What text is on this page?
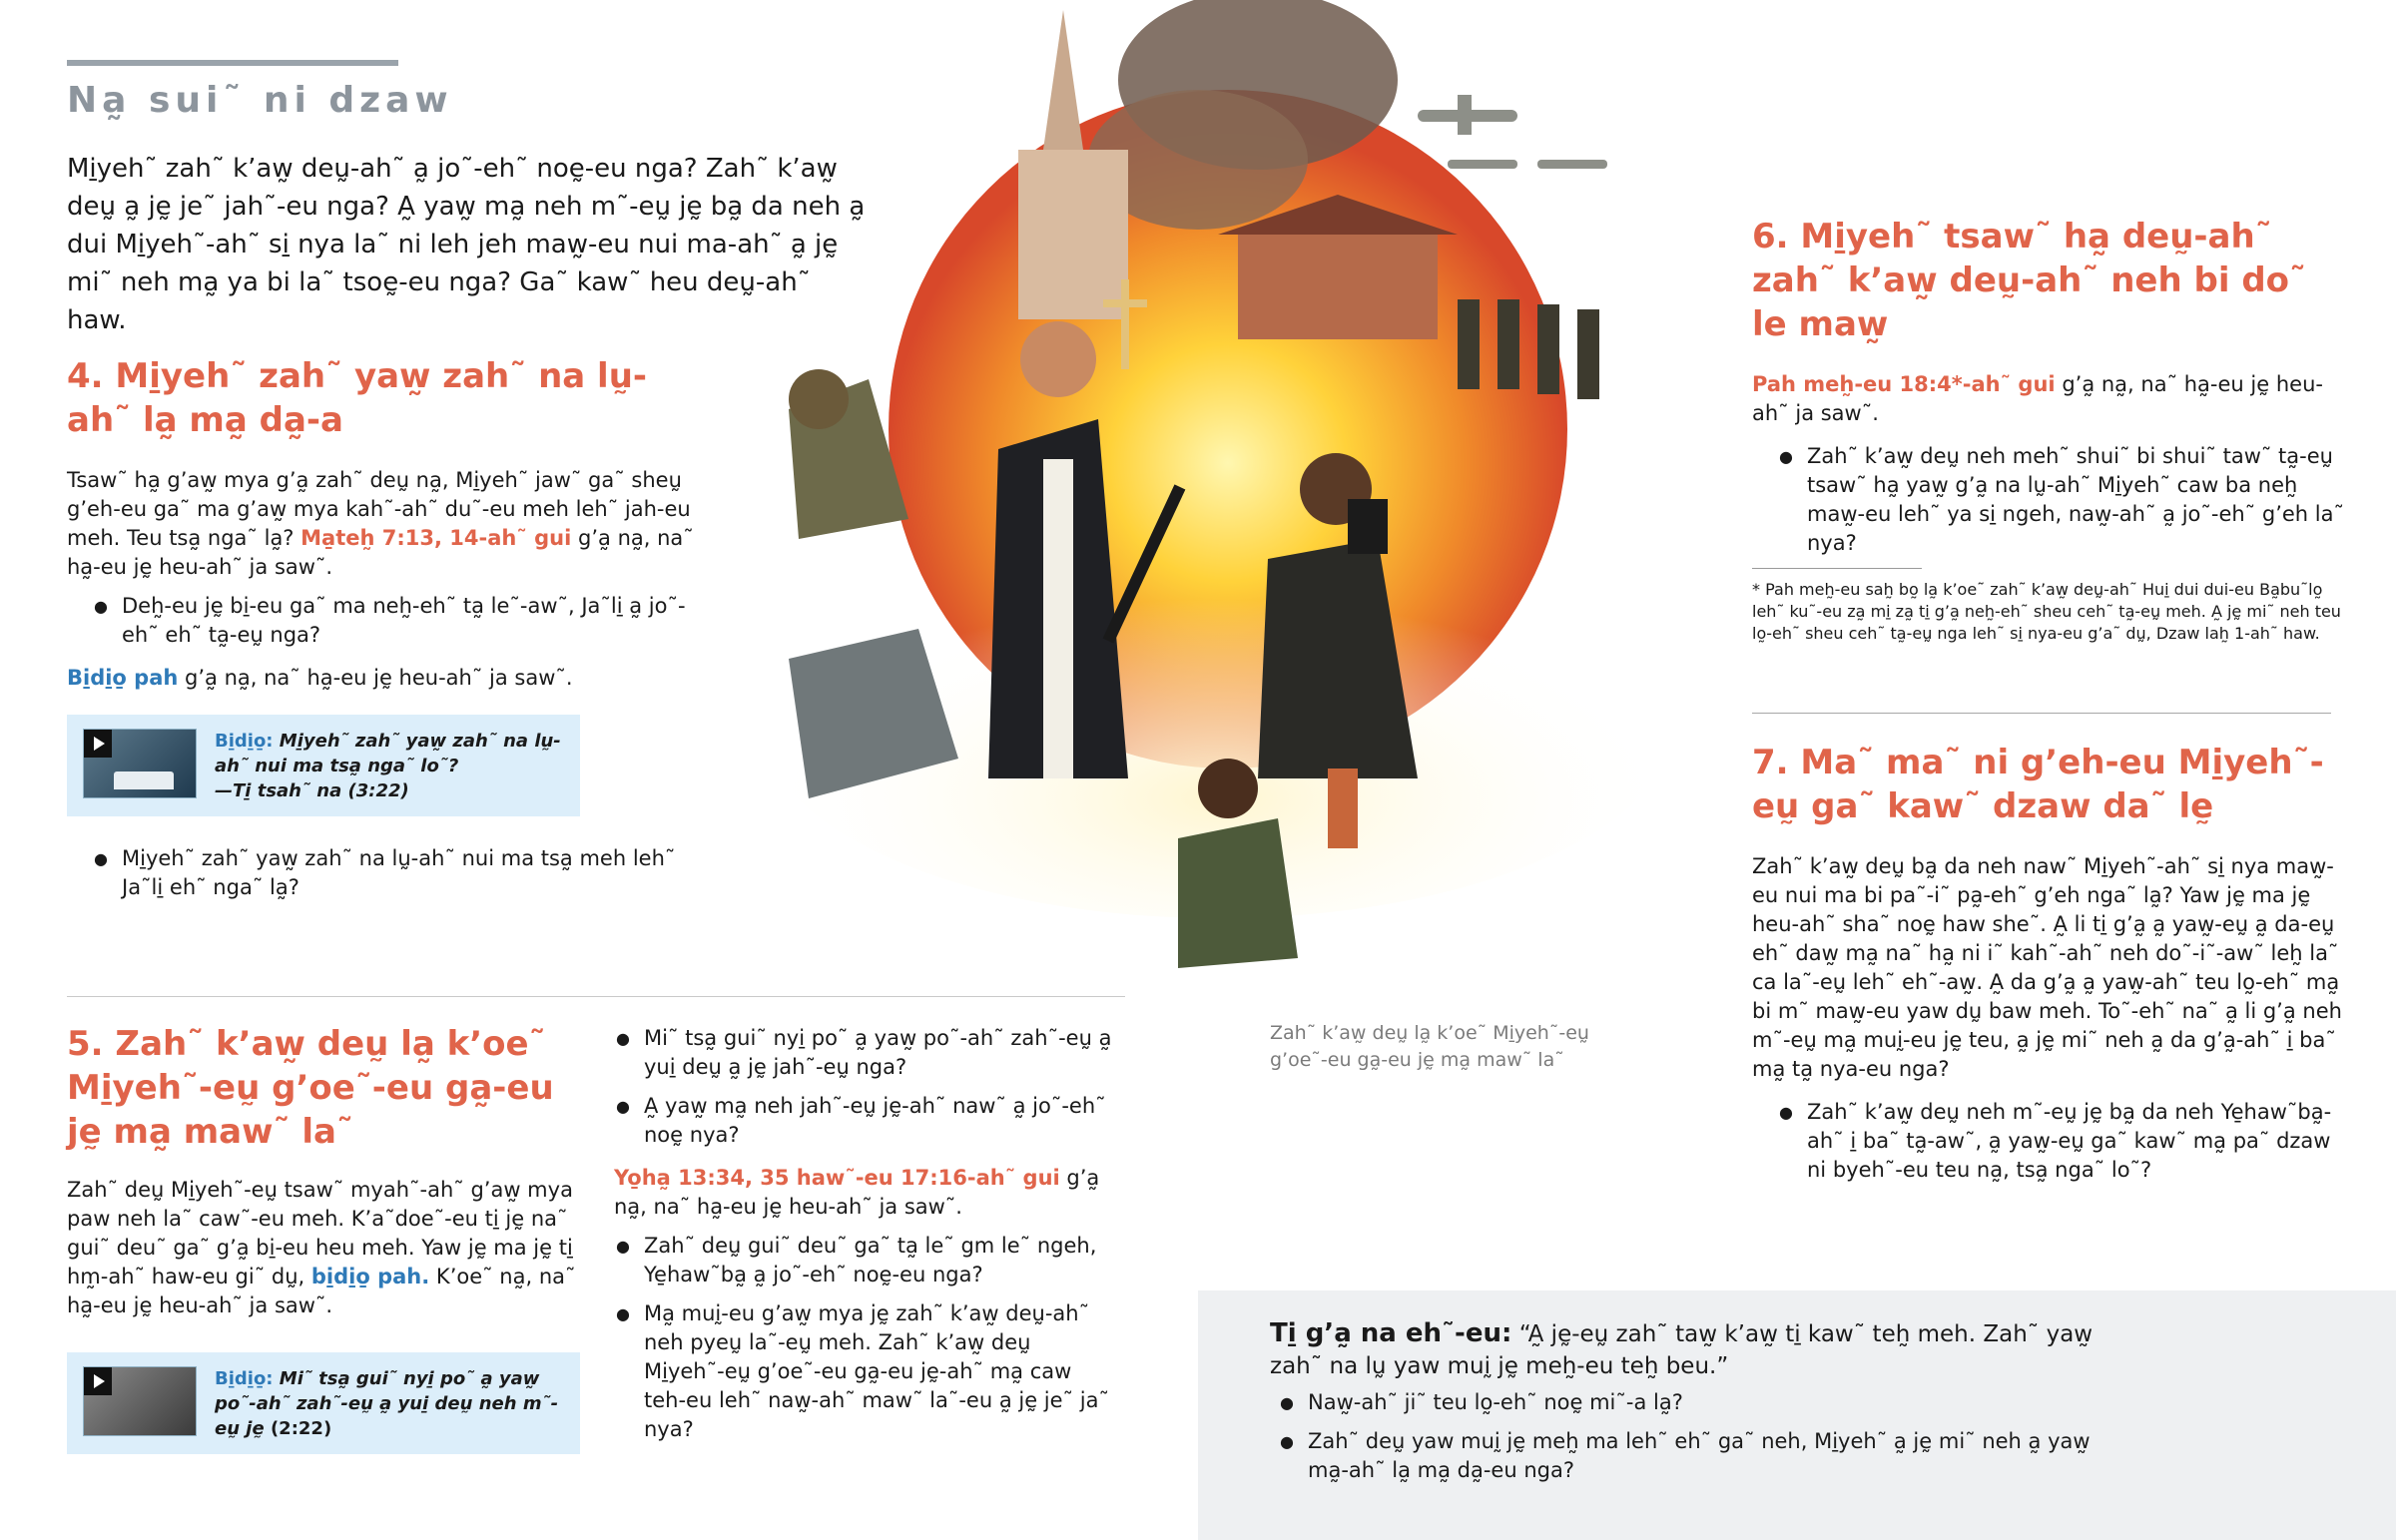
Na̰ sui˜ ni dzaw
Mi̱yeh˜ zah˜ k’aw̰ deṵ-ah˜ a̰ jo˜-eh˜ noḛ-eu nga? Zah˜ k’aw̰ deṵ a̰ jḛ je˜ jah˜-eu nga? A̰ yaw̰ ma̰ neh m˜-eṵ jḛ ba̰ da neh a̰ dui Mi̱yeh˜-ah˜ si̱ nya la˜ ni leh jeh maw̰-eu nui ma-ah˜ a̰ jḛ mi˜ neh ma̰ ya bi la˜ tsoḛ-eu nga? Ga˜ kaw˜ heu deṵ-ah˜ haw.
4. Mi̱yeh˜ zah˜ yaw̰ zah˜ na lṵ-ah˜ la̰ ma̰ da̰-a
Tsaw˜ ha̰ g’aw̰ mya g’a̰ zah˜ deṵ na̰, Mi̱yeh˜ jaw˜ ga˜ sheṵ g’eh-eu ga˜ ma g’aw̰ mya kah˜-ah˜ du˜-eu meh leh˜ jah-eu meh. Teu tsa̰ nga˜ la̰? Ma̱teh̰ 7:13, 14-ah˜ gui g’a̰ na̰, na˜ ha̰-eu jḛ heu-ah˜ ja saw˜.
● Deh̰-eu jḛ bi̱-eu ga˜ ma neh̰-eh˜ ta̰ le˜-aw˜, Ja˜li̱ a̰ jo˜-eh˜ eh˜ ta̰-eṵ nga?
Bi̱di̱o̱ pah g’a̰ na̰, na˜ ha̰-eu jḛ heu-ah˜ ja saw˜.
Bi̱di̱o̱: Mi̱yeh˜ zah˜ yaw̰ zah˜ na lṵ-ah˜ nui ma tsa̰ nga˜ lo˜?
—Ti̱ tsah˜ na (3:22)
● Mi̱yeh˜ zah˜ yaw̰ zah˜ na lṵ-ah˜ nui ma tsa̰ meh leh˜ Ja˜li̱ eh˜ nga˜ la̰?
5. Zah˜ k’aw̰ deṵ la̰ k’oe˜ Mi̱yeh˜-eṵ g’oe˜-eu ga̰-eu jḛ ma̰ maw˜ la˜
Zah˜ deṵ Mi̱yeh˜-eṵ tsaw˜ myah˜-ah˜ g’aw̰ mya paw neh la˜ caw˜-eu meh. K’a˜doe˜-eu ti̱ jḛ na˜ gui˜ deu˜ ga˜ g’a̰ bi̱-eu heu meh. Yaw jḛ ma jḛ ti̱ hm̰-ah˜ haw-eu gi˜ dṵ, bi̱di̱o̱ pah. K’oe˜ na̰, na˜ ha̰-eu jḛ heu-ah˜ ja saw˜.
Bi̱di̱o̱: Mi˜ tsa̰ gui˜ nyi̱ po˜ a̰ yaw̰ po˜-ah˜ zah˜-eṵ a̰ yui̱ deṵ neh m˜-eṵ jḛ (2:22)
● Mi˜ tsa̰ gui˜ nyi̱ po˜ a̰ yaw̰ po˜-ah˜ zah˜-eṵ a̰ yui̱ deṵ a̰ jḛ jah˜-eṵ nga?
● A̰ yaw̰ ma̰ neh jah˜-eṵ jḛ-ah˜ naw˜ a̰ jo˜-eh˜ noḛ nya?
Yo̱ha̰ 13:34, 35 haw˜-eu 17:16-ah˜ gui g’a̰ na̰, na˜ ha̰-eu jḛ heu-ah˜ ja saw˜.
● Zah˜ deṵ gui˜ deu˜ ga˜ ta̰ le˜ gm le˜ ngeh, Ye̱haw˜ba̰ a̰ jo˜-eh˜ noḛ-eu nga?
● Ma̰ muḭ-eu g’aw̰ mya jḛ zah˜ k’aw̰ deṵ-ah˜ neh pyeṵ la˜-eṵ meh. Zah˜ k’aw̰ deṵ Mi̱yeh˜-eṵ g’oe˜-eu ga̰-eu jḛ-ah˜ ma̰ caw teh-eu leh˜ naw̰-ah˜ maw˜ la˜-eu a̰ jḛ je˜ ja˜ nya?
Zah˜ k’aw̰ deṵ la̰ k’oe˜ Mi̱yeh˜-eṵ g’oe˜-eu ga̰-eu jḛ ma̰ maw˜ la˜
6. Mi̱yeh˜ tsaw˜ ha̰ deṵ-ah˜ zah˜ k’aw̰ deṵ-ah˜ neh bi do˜ le maw̰
Pah meh̰-eu 18:4*-ah˜ gui g’a̰ na̰, na˜ ha̰-eu jḛ heu-ah˜ ja saw˜.
● Zah˜ k’aw̰ deṵ neh meh˜ shui˜ bi shui˜ taw˜ ta̰-eṵ tsaw˜ ha̰ yaw̰ g’a̰ na lṵ-ah˜ Mi̱yeh˜ caw ba neh̰ maw̰-eu leh˜ ya si̱ ngeh, naw̰-ah˜ a̰ jo˜-eh˜ g’eh la˜ nya?
* Pah meh̰-eu sah̰ bo̰ la̰ k’oe˜ zah˜ k’aw̰ deṵ-ah˜ Hui̱ dui dui-eu Ba̰bu˜lo̰ leh˜ ku˜-eu za̰ mi̱ za̰ ti̱ g’a̰ neh̰-eh˜ sheu ceh˜ ta̰-eṵ meh. A̰ jḛ mi˜ neh teu lo̰-eh˜ sheu ceh˜ ta̰-eṵ nga leh˜ si̱ nya-eu g’a˜ dṵ, Dzaw lah̰ 1-ah˜ haw.
7. Ma˜ ma˜ ni g’eh-eu Mi̱yeh˜-eṵ ga˜ kaw˜ dzaw da˜ lḛ
Zah˜ k’aw̰ deṵ ba̰ da neh naw˜ Mi̱yeh˜-ah˜ si̱ nya maw̰-eu nui ma bi pa˜-i˜ pa̰-eh˜ g’eh nga˜ la̰? Yaw jḛ ma jḛ heu-ah˜ sha˜ noḛ haw she˜. A̰ li ti̱ g’a̰ a̰ yaw̰-eṵ a̰ da-eṵ eh˜ daw̰ ma̰ na˜ ha̰ ni i˜ kah˜-ah˜ neh do˜-i˜-aw˜ leh̰ la˜ ca la˜-eṵ leh˜ eh˜-aw̰. A̰ da g’a̰ a̰ yaw̰-ah˜ teu lo̰-eh˜ ma̰ bi m˜ maw̰-eu yaw dṵ baw meh. To˜-eh˜ na˜ a̰ li g’a̰ neh m˜-eṵ ma̰ muḭ-eu jḛ teu, a̰ jḛ mi˜ neh a̰ da g’a̰-ah˜ i̱ ba˜ ma̰ ta̰ nya-eu nga?
● Zah˜ k’aw̰ deṵ neh m˜-eṵ jḛ ba̰ da neh Ye̱haw˜ba̰-ah˜ i̱ ba˜ ta̰-aw˜, a̰ yaw̰-eṵ ga˜ kaw˜ ma̰ pa˜ dzaw ni byeh˜-eu teu na̰, tsa̰ nga˜ lo˜?
Ti̱ g’a̰ na eh˜-eu: “A̰ jḛ-eṵ zah˜ taw̰ k’aw̰ ti̱ kaw˜ teh̰ meh. Zah˜ yaw̰ zah˜ na lṵ yaw muḭ jḛ meh̰-eu teh̰ beu.”
● Naw̰-ah˜ ji˜ teu lo̰-eh˜ noḛ mi˜-a la̰?
● Zah˜ deṵ yaw muḭ jḛ meh̰ ma leh˜ eh˜ ga˜ neh, Mi̱yeh˜ a̰ jḛ mi˜ neh a̰ yaw̰ ma̰-ah˜ la̰ ma̰ da̰-eu nga?
